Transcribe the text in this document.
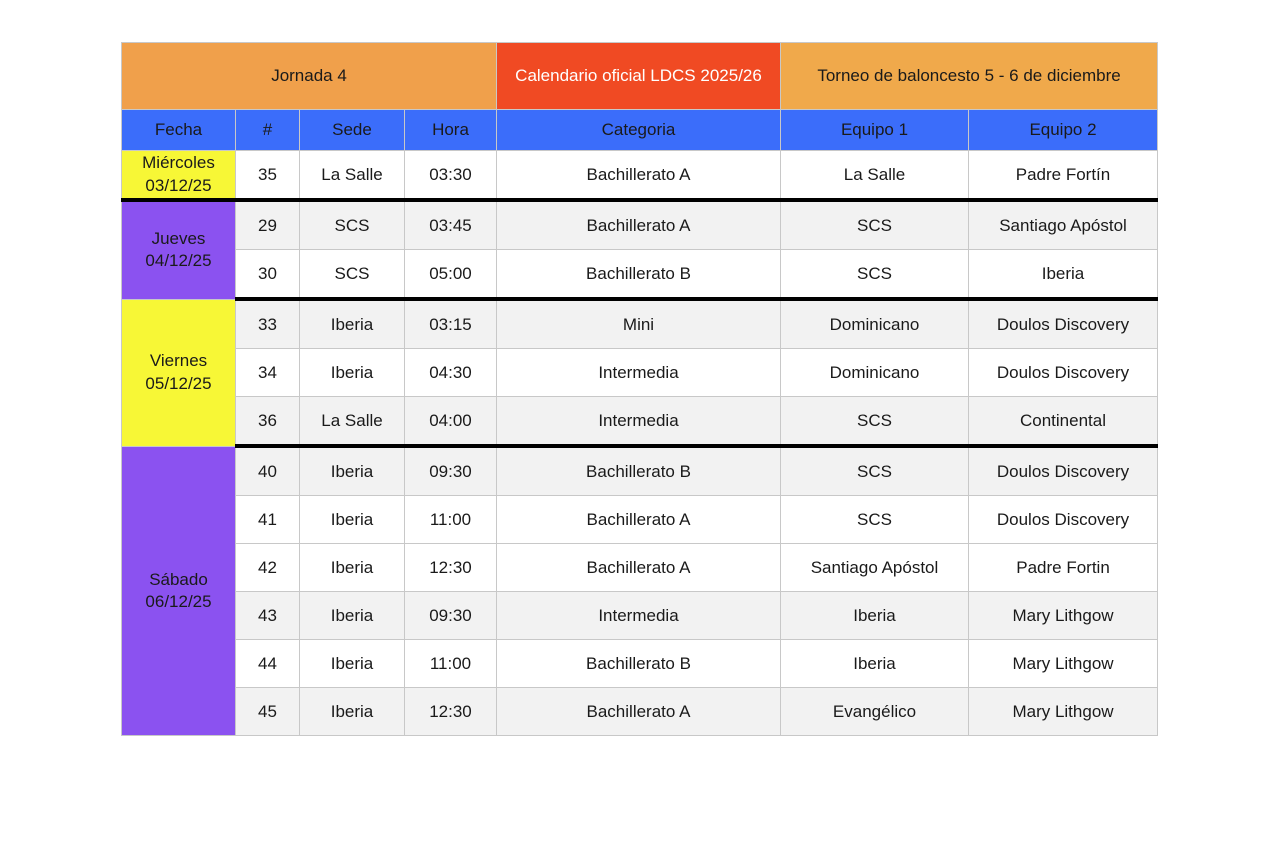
Jornada 4				Calendario oficial LDCS 2025/26	Torneo de baloncesto 5 - 6 de diciembre	
Fecha	#	Sede	Hora	Categoria	Equipo 1	Equipo 2

Miércoles
03/12/25	35	La Salle	03:30	Bachillerato A	La Salle	Padre Fortín

Jueves
04/12/25	29	SCS	03:45	Bachillerato A	SCS	Santiago Apóstol
	30	SCS	05:00	Bachillerato B	SCS	Iberia

Viernes
05/12/25	33	Iberia	03:15	Mini	Dominicano	Doulos Discovery
	34	Iberia	04:30	Intermedia	Dominicano	Doulos Discovery
	36	La Salle	04:00	Intermedia	SCS	Continental

Sábado
06/12/25	40	Iberia	09:30	Bachillerato B	SCS	Doulos Discovery
	41	Iberia	11:00	Bachillerato A	SCS	Doulos Discovery
	42	Iberia	12:30	Bachillerato A	Santiago Apóstol	Padre Fortin
	43	Iberia	09:30	Intermedia	Iberia	Mary Lithgow
	44	Iberia	11:00	Bachillerato B	Iberia	Mary Lithgow
	45	Iberia	12:30	Bachillerato A	Evangélico	Mary Lithgow
